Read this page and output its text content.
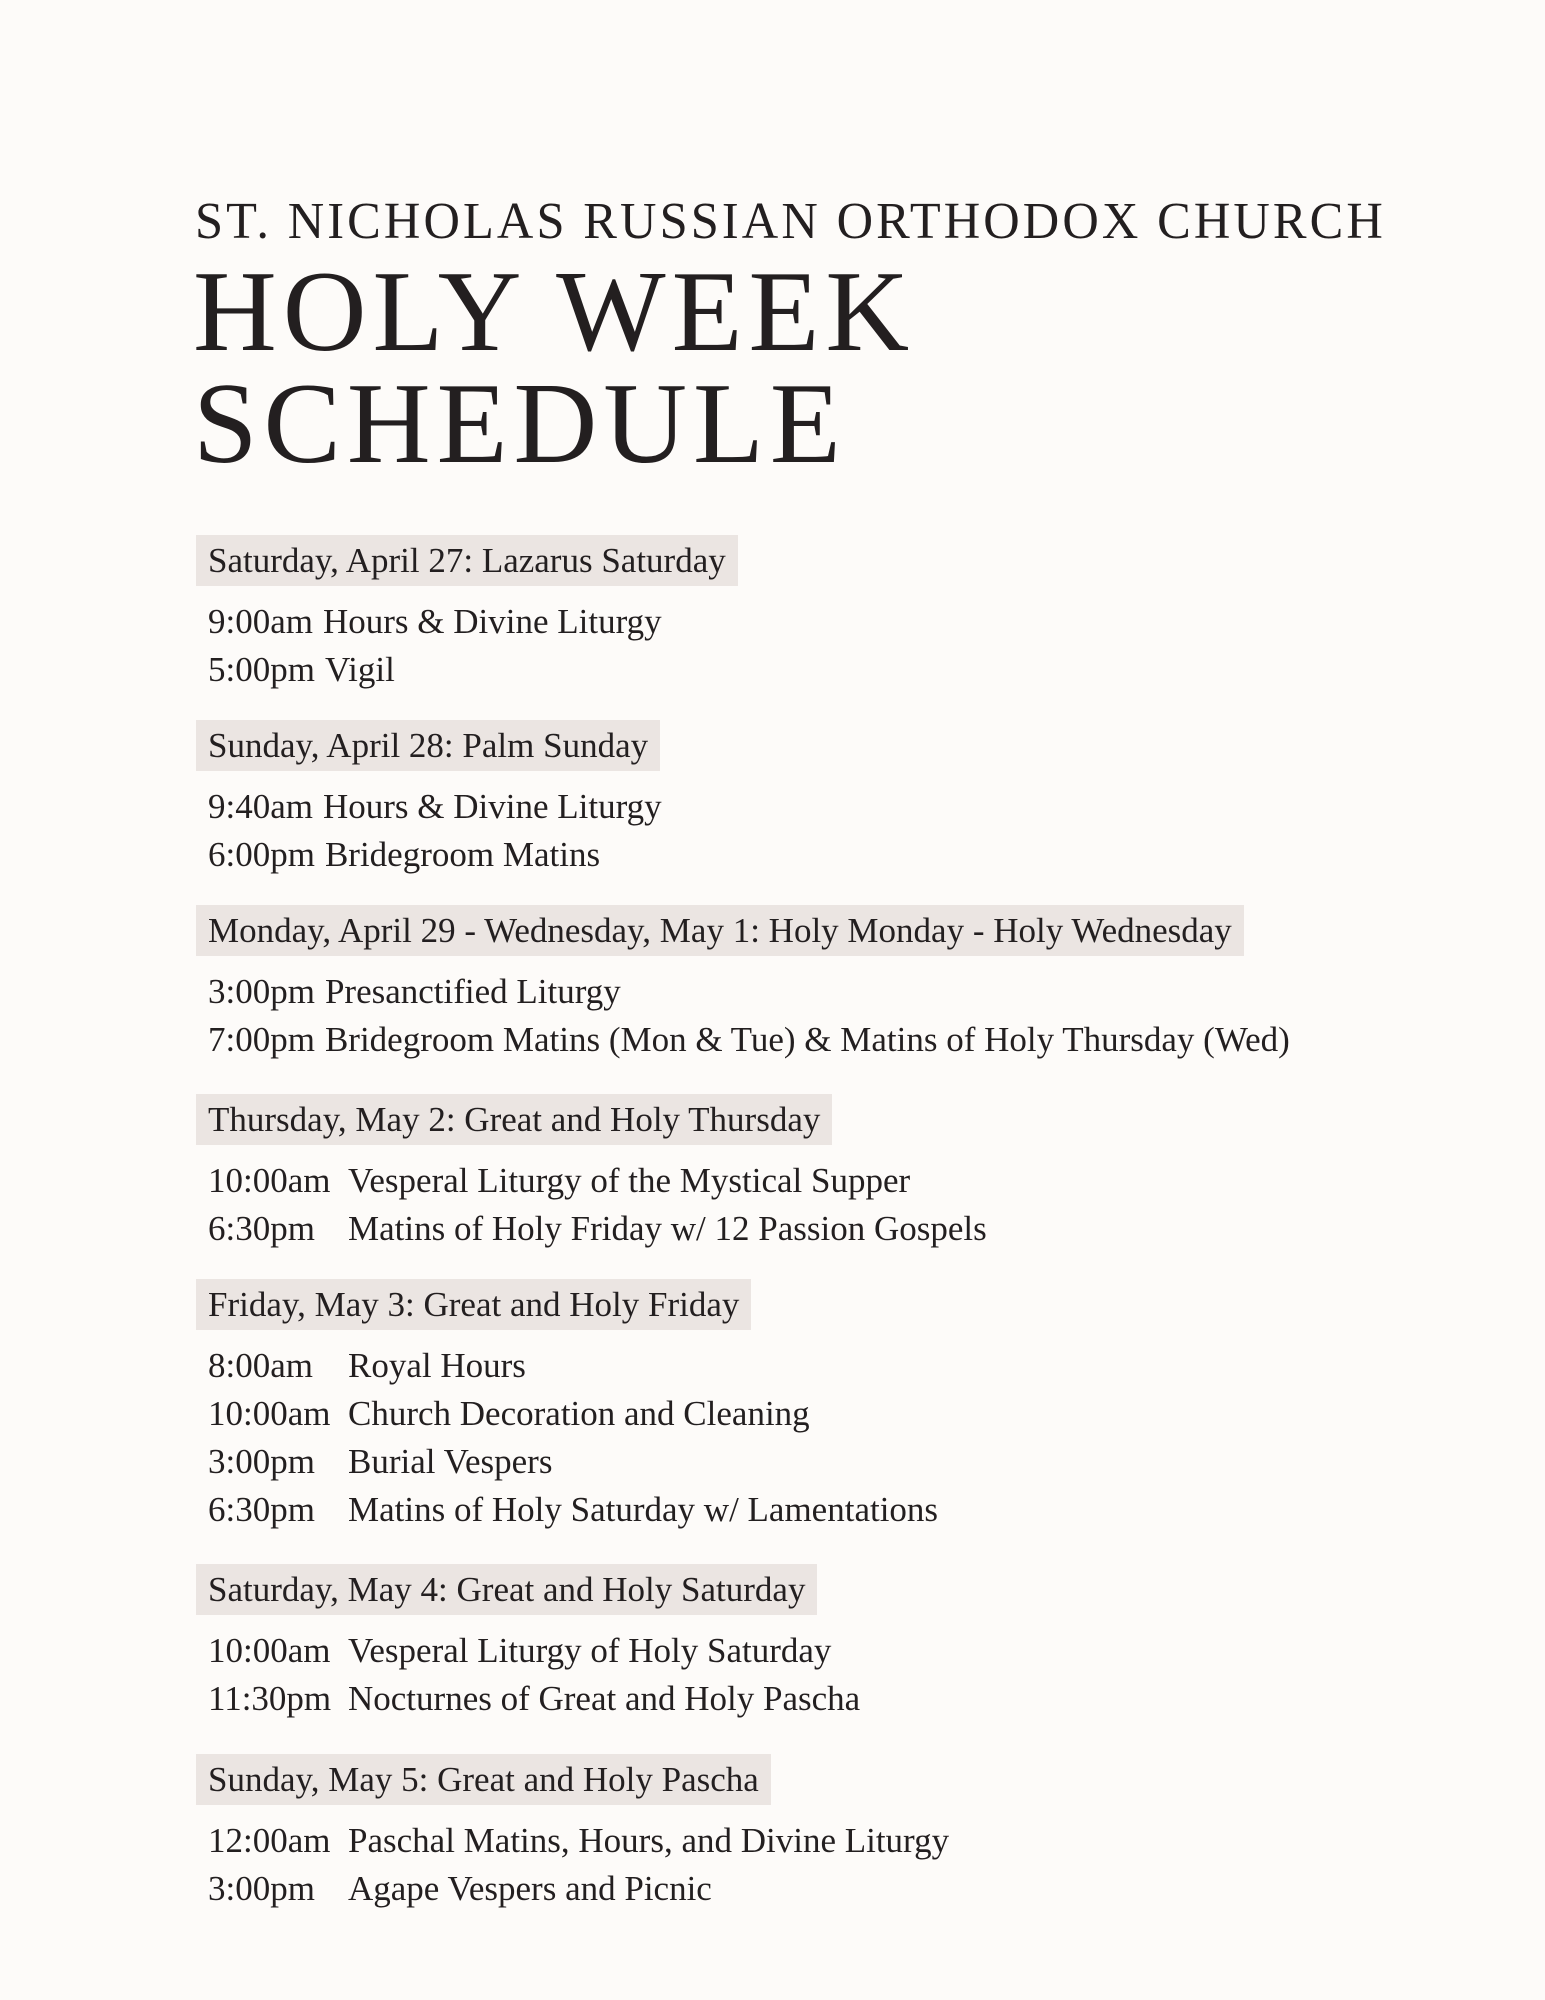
ST. NICHOLAS RUSSIAN ORTHODOX CHURCH
HOLY WEEK
SCHEDULE
Saturday, April 27: Lazarus Saturday
9:00am Hours & Divine Liturgy
5:00pm Vigil
Sunday, April 28: Palm Sunday
9:40am Hours & Divine Liturgy
6:00pm Bridegroom Matins
Monday, April 29 - Wednesday, May 1: Holy Monday - Holy Wednesday
3:00pm Presanctified Liturgy
7:00pm Bridegroom Matins (Mon & Tue) & Matins of Holy Thursday (Wed)
Thursday, May 2: Great and Holy Thursday
10:00am Vesperal Liturgy of the Mystical Supper
6:30pm Matins of Holy Friday w/ 12 Passion Gospels
Friday, May 3: Great and Holy Friday
8:00am	Royal Hours
10:00am Church Decoration and Cleaning
3:00pm Burial Vespers
6:30pm Matins of Holy Saturday w/ Lamentations
Saturday, May 4: Great and Holy Saturday
10:00am Vesperal Liturgy of Holy Saturday
11:30pm Nocturnes of Great and Holy Pascha
Sunday, May 5: Great and Holy Pascha
12:00am Paschal Matins, Hours, and Divine Liturgy
3:00pm Agape Vespers and Picnic
